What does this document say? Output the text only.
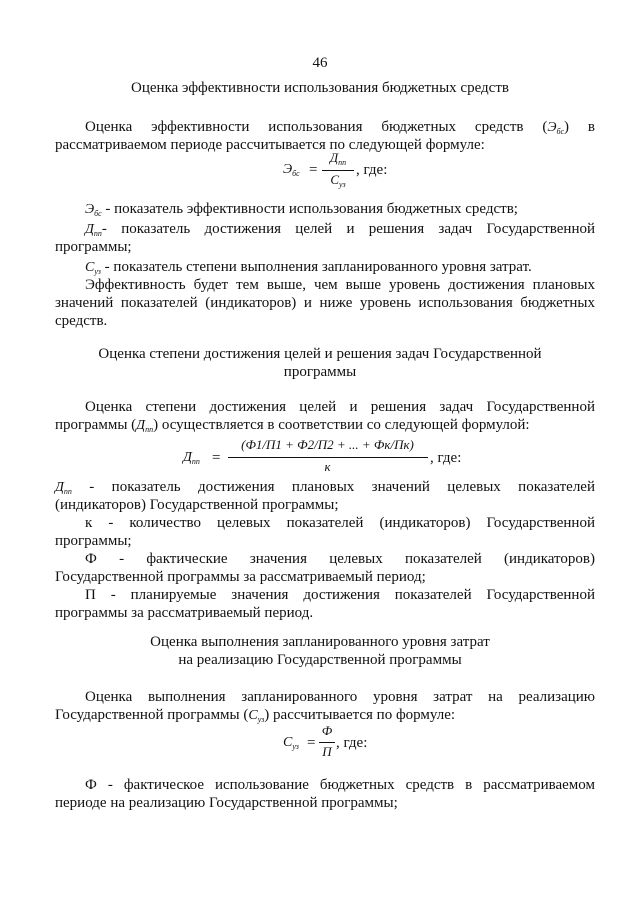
46
Оценка эффективности использования бюджетных средств
Оценка эффективности использования бюджетных средств $(Э_{бс})$ в
рассматриваемом периоде рассчитывается по следующей формуле:
$Э_{бс}$ =
$Д_{пп}$
$С_{уз}$
, где:
$Э_{бс}$ - показатель эффективности использования бюджетных средств;
$Д_{пп}-$ показатель достижения целей и решения задач Государственной
программы;
$С_{уз}$ - показатель степени выполнения запланированного уровня затрат.
Эффективность будет тем выше, чем выше уровень достижения плановых
значений показателей (индикаторов) и ниже уровень использования бюджетных
средств.
Оценка степени достижения целей и решения задач Государственной
программы
Оценка степени достижения целей и решения задач Государственной
программы $(Д_{пп})$ осуществляется в соответствии со следующей формулой:
$Д_{пп}$ =
(Ф1/П1 + Ф2/П2 + ... + Фк/Пк)
к
, где:
$Д_{пп}$ - показатель достижения плановых значений целевых показателей
(индикаторов) Государственной программы;
к - количество целевых показателей (индикаторов) Государственной
программы;
Ф - фактические значения целевых показателей (индикаторов)
Государственной программы за рассматриваемый период;
П - планируемые значения достижения показателей Государственной
программы за рассматриваемый период.
Оценка выполнения запланированного уровня затрат
на реализацию Государственной программы
Оценка выполнения запланированного уровня затрат на реализацию
Государственной программы $(С_{уз})$ рассчитывается по формуле:
$С_{уз}$ =
Ф
П
, где:
Ф - фактическое использование бюджетных средств в рассматриваемом
периоде на реализацию Государственной программы;
